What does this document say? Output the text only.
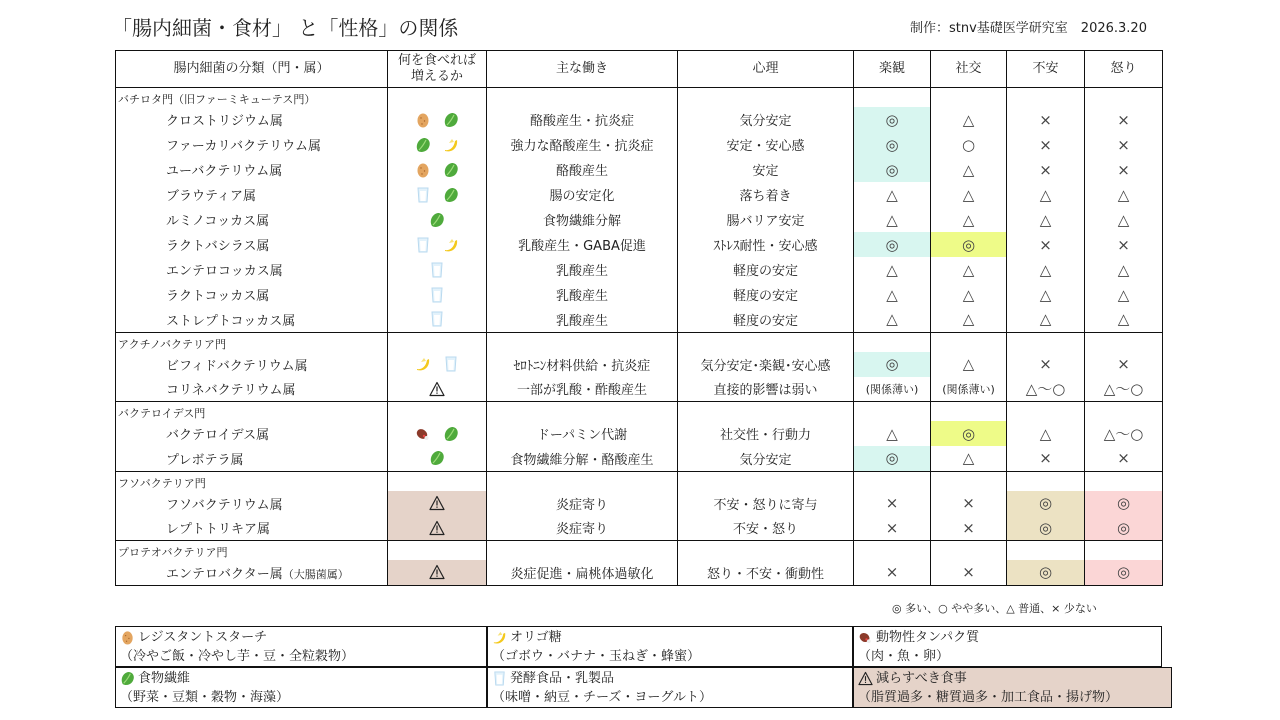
「腸内細菌・食材」 と「性格」の関係	制作：stnv基礎医学研究室　2026.3.20
腸内細菌の分類（門・属）	何を食べれば
増えるか	主な働き	心理	楽観	社交	不安	怒り
バチロタ門（旧ファーミキューテス門）							
クロストリジウム属		酪酸産生・抗炎症	気分安定	◎	△	×	×
ファーカリバクテリウム属		強力な酪酸産生・抗炎症	安定・安心感	◎	○	×	×
ユーバクテリウム属		酪酸産生	安定	◎	△	×	×
ブラウティア属		腸の安定化	落ち着き	△	△	△	△
ルミノコッカス属		食物繊維分解	腸バリア安定	△	△	△	△
ラクトバシラス属		乳酸産生・GABA促進	ｽﾄﾚｽ耐性・安心感	◎	◎	×	×
エンテロコッカス属		乳酸産生	軽度の安定	△	△	△	△
ラクトコッカス属		乳酸産生	軽度の安定	△	△	△	△
ストレプトコッカス属		乳酸産生	軽度の安定	△	△	△	△
アクチノバクテリア門							
ビフィドバクテリウム属		ｾﾛﾄﾆﾝ材料供給・抗炎症	気分安定･楽観･安心感	◎	△	×	×
コリネバクテリウム属		一部が乳酸・酢酸産生	直接的影響は弱い	(関係薄い)	(関係薄い)	△〜○	△〜○
バクテロイデス門							
バクテロイデス属		ドーパミン代謝	社交性・行動力	△	◎	△	△〜○
プレボテラ属		食物繊維分解・酪酸産生	気分安定	◎	△	×	×
フソバクテリア門							
フソバクテリウム属		炎症寄り	不安・怒りに寄与	×	×	◎	◎
レプトトリキア属		炎症寄り	不安・怒り	×	×	◎	◎
プロテオバクテリア門							
エンテロバクター属（大腸菌属）		炎症促進・扁桃体過敏化	怒り・不安・衝動性	×	×	◎	◎
◎ 多い、○ やや多い、△ 普通、× 少ない
レジスタントスターチ
（冷やご飯・冷やし芋・豆・全粒穀物）
オリゴ糖
（ゴボウ・バナナ・玉ねぎ・蜂蜜）
動物性タンパク質
（肉・魚・卵）
食物繊維
（野菜・豆類・穀物・海藻）
発酵食品・乳製品
（味噌・納豆・チーズ・ヨーグルト）
減らすべき食事
（脂質過多・糖質過多・加工食品・揚げ物）
